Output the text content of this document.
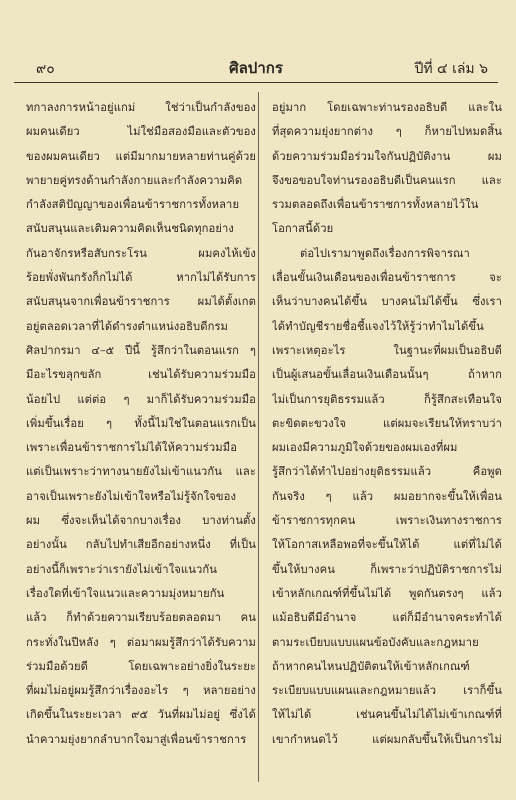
๙๐	ศิลปากร	ปีที่ ๔ เล่ม ๖
ทกาลงการหน้าอยู่แกม่ ใช่ว่าเป็นกำลังของ
ผมคนเดียว ไม่ใช่มือสองมือและตัวของ
ของผมคนเดียว แต่มีมากมายหลายท่านคู่ด้วย
พายายคู่ทรงด้านกำลังกายและกำลังความคิด
กำลังสติปัญญาของเพื่อนข้าราชการทั้งหลาย
สนับสนุนและเติมความคิดเห็นชนิดทุกอย่าง
กันอาจักรหรือสับกระโรน ผมคงไห้เข้ง
ร้อยพั่งพันกรังก็กไม่ได้ หากไม่ได้รับการ
สนับสนุนจากเพื่อนข้าราชการ ผมได้ตั้งเกต
อยู่ตลอดเวลาที่ได้ดำรงตำแหน่งอธิบดีกรม
ศิลปากรมา ๔–๕ ปีนี้ รู้สึกว่าในตอนแรก ๆ
มีอะไรขลุกขลัก เช่นได้รับความร่วมมือ
น้อยไป แต่ต่อ ๆ มาก็ได้รับความร่วมมือ
เพิ่มขึ้นเรื่อย ๆ ทั้งนี้ไม่ใช่ในตอนแรกเป็น
เพราะเพื่อนข้าราชการไม่ได้ให้ความร่วมมือ
แต่เป็นเพราะว่าทางนายยังไม่เข้าแนวกัน และ
อาจเป็นเพราะยังไม่เข้าใจหรือไม่รู้จักใจของ
ผม ซึ่งจะเห็นได้จากบางเรื่อง บางท่านตั้ง
อย่างนั้น กลับไปทำเสียอีกอย่างหนึ่ง ที่เป็น
อย่างนี้ก็เพราะว่าเรายังไม่เข้าใจแนวกัน
เรื่องใดที่เข้าใจแนวและความมุ่งหมายกัน
แล้ว ก็ทำด้วยความเรียบร้อยตลอดมา คน
กระทั่งในปีหลัง ๆ ต่อมาผมรู้สึกว่าได้รับความ
ร่วมมือด้วยดี โดยเฉพาะอย่างยิ่งในระยะ
ที่ผมไม่อยู่ผมรู้สึกว่าเรื่องอะไร ๆ หลายอย่าง
เกิดขึ้นในระยะเวลา ๙๕ วันที่ผมไม่อยู่ ซึ่งได้
นำความยุ่งยากลำบากใจมาสู่เพื่อนข้าราชการ
อยู่มาก โดยเฉพาะท่านรองอธิบดี และใน
ที่สุดความยุ่งยากต่าง ๆ ก็หายไปหมดสิ้น
ด้วยความร่วมมือร่วมใจกันปฏิบัติงาน ผม
จึงขอขอบใจท่านรองอธิบดีเป็นคนแรก และ
รวมตลอดถึงเพื่อนข้าราชการทั้งหลายไว้ใน
โอกาสนี้ด้วย
ต่อไปเรามาพูดถึงเรื่องการพิจารณา
เลื่อนขั้นเงินเดือนของเพื่อนข้าราชการ จะ
เห็นว่าบางคนได้ขึ้น บางคนไม่ได้ขึ้น ซึ่งเรา
ได้ทำบัญชีรายชื่อชี้แจงไว้ให้รู้ว่าทำไมได้ขึ้น
เพราะเหตุอะไร ในฐานะที่ผมเป็นอธิบดี
เป็นผู้เสนอขั้นเลื่อนเงินเดือนนั้นๆ ถ้าหาก
ไม่เป็นการยุติธรรมแล้ว ก็รู้สึกสะเทือนใจ
ตะขิดตะขวงใจ แต่ผมจะเรียนให้ทราบว่า
ผมเองมีความภูมิใจด้วยของผมเองที่ผม
รู้สึกว่าได้ทำไปอย่างยุติธรรมแล้ว คือพูด
กันจริง ๆ แล้ว ผมอยากจะขึ้นให้เพื่อน
ข้าราชการทุกคน เพราะเงินทางราชการ
ให้โอกาสเหลือพอที่จะขึ้นให้ได้ แต่ที่ไม่ได้
ขึ้นให้บางคน ก็เพราะว่าปฏิบัติราชการไม่
เข้าหลักเกณฑ์ที่ขึ้นไม่ได้ พูดกันตรงๆ แล้ว
แม้อธิบดีมีอำนาจ แต่ก็มีอำนาจคระทำได้
ตามระเบียบแบบแผนข้อบังคับและกฎหมาย
ถ้าหากคนไหนปฏิบัติตนให้เข้าหลักเกณฑ์
ระเบียบแบบแผนและกฎหมายแล้ว เราก็ขึ้น
ให้ไม่ได้ เช่นคนขึ้นไม่ได้ไม่เข้าเกณฑ์ที่
เขากำหนดไว้ แต่ผมกลับขึ้นให้เป็นการไม่
